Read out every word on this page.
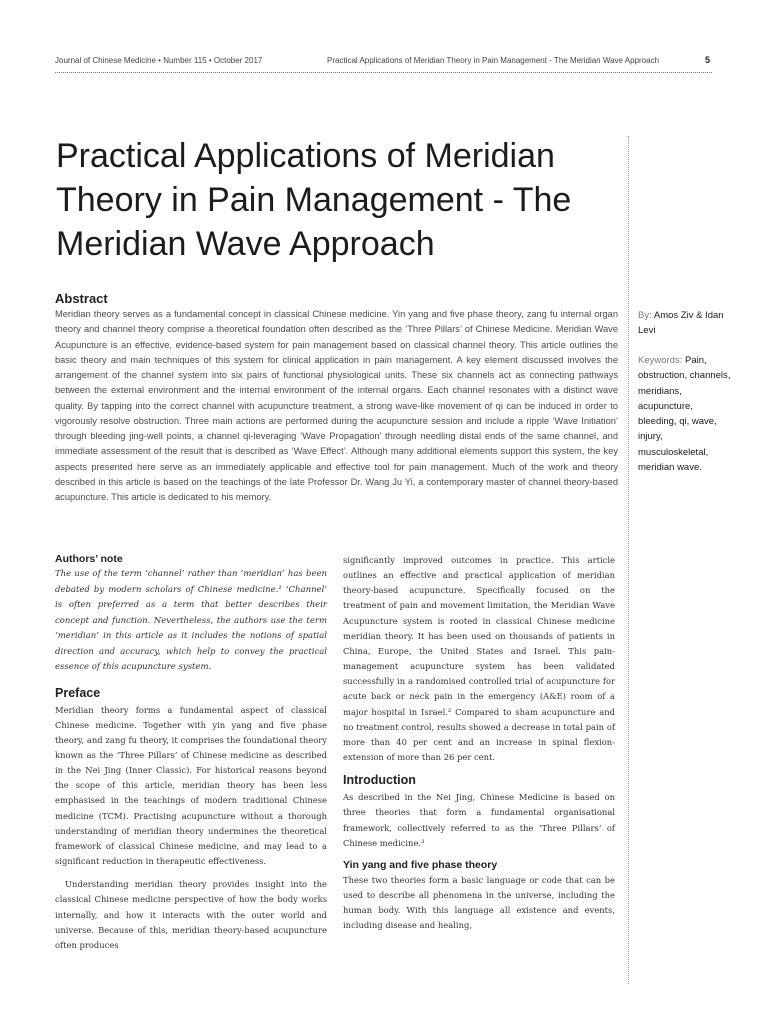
Journal of Chinese Medicine • Number 115 • October 2017	Practical Applications of Meridian Theory in Pain Management - The Meridian Wave Approach	5
Practical Applications of Meridian Theory in Pain Management - The Meridian Wave Approach
Abstract

Meridian theory serves as a fundamental concept in classical Chinese medicine. Yin yang and five phase theory, zang fu internal organ theory and channel theory comprise a theoretical foundation often described as the ‘Three Pillars’ of Chinese Medicine. Meridian Wave Acupuncture is an effective, evidence-based system for pain management based on classical channel theory. This article outlines the basic theory and main techniques of this system for clinical application in pain management. A key element discussed involves the arrangement of the channel system into six pairs of functional physiological units. These six channels act as connecting pathways between the external environment and the internal environment of the internal organs. Each channel resonates with a distinct wave quality. By tapping into the correct channel with acupuncture treatment, a strong wave-like movement of qi can be induced in order to vigorously resolve obstruction. Three main actions are performed during the acupuncture session and include a ripple ‘Wave Initiation’ through bleeding jing-well points, a channel qi-leveraging ‘Wave Propagation’ through needling distal ends of the same channel, and immediate assessment of the result that is described as ‘Wave Effect’. Although many additional elements support this system, the key aspects presented here serve as an immediately applicable and effective tool for pain management. Much of the work and theory described in this article is based on the teachings of the late Professor Dr. Wang Ju Yi, a contemporary master of channel theory-based acupuncture. This article is dedicated to his memory.

By: Amos Ziv & Idan Levi
Keywords: Pain, obstruction, channels, meridians, acupuncture, bleeding, qi, wave, injury, musculoskeletal, meridian wave.
Authors’ note

The use of the term ‘channel’ rather than ‘meridian’ has been debated by modern scholars of Chinese medicine.¹ ‘Channel’ is often preferred as a term that better describes their concept and function. Nevertheless, the authors use the term ‘meridian’ in this article as it includes the notions of spatial direction and accuracy, which help to convey the practical essence of this acupuncture system.

Preface

Meridian theory forms a fundamental aspect of classical Chinese medicine. Together with yin yang and five phase theory, and zang fu theory, it comprises the foundational theory known as the ‘Three Pillars’ of Chinese medicine as described in the Nei Jing (Inner Classic). For historical reasons beyond the scope of this article, meridian theory has been less emphasised in the teachings of modern traditional Chinese medicine (TCM). Practising acupuncture without a thorough understanding of meridian theory undermines the theoretical framework of classical Chinese medicine, and may lead to a significant reduction in therapeutic effectiveness.

Understanding meridian theory provides insight into the classical Chinese medicine perspective of how the body works internally, and how it interacts with the outer world and universe. Because of this, meridian theory-based acupuncture often produces

significantly improved outcomes in practice. This article outlines an effective and practical application of meridian theory-based acupuncture. Specifically focused on the treatment of pain and movement limitation, the Meridian Wave Acupuncture system is rooted in classical Chinese medicine meridian theory. It has been used on thousands of patients in China, Europe, the United States and Israel. This pain-management acupuncture system has been validated successfully in a randomised controlled trial of acupuncture for acute back or neck pain in the emergency (A&E) room of a major hospital in Israel.² Compared to sham acupuncture and no treatment control, results showed a decrease in total pain of more than 40 per cent and an increase in spinal flexion-extension of more than 26 per cent.

Introduction

As described in the Nei Jing, Chinese Medicine is based on three theories that form a fundamental organisational framework, collectively referred to as the ‘Three Pillars’ of Chinese medicine.³

Yin yang and five phase theory

These two theories form a basic language or code that can be used to describe all phenomena in the universe, including the human body. With this language all existence and events, including disease and healing,
